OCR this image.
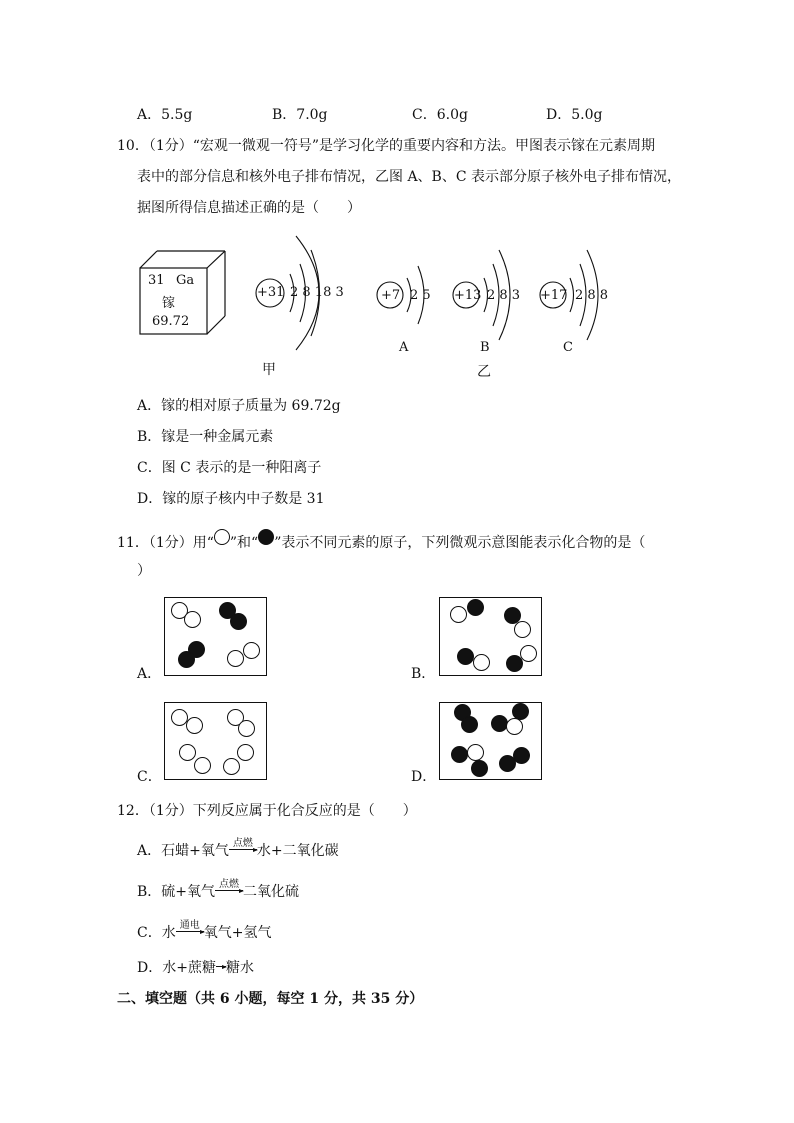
A．5.5g	B．7.0g	C．6.0g	D．5.0g
10．（1分）“宏观一微观一符号”是学习化学的重要内容和方法。甲图表示镓在元素周期
表中的部分信息和核外电子排布情况，乙图 A、B、C 表示部分原子核外电子排布情况，
据图所得信息描述正确的是（　　）
31 Ga
镓
69.72
+31 2 8 18 3
甲
+7 2 5
A
+13 2 8 3
B
+17 2 8 8
C
乙
A．镓的相对原子质量为 69.72g
B．镓是一种金属元素
C．图 C 表示的是一种阳离子
D．镓的原子核内中子数是 31
11．（1分）用“ ”和“ ”表示不同元素的原子，下列微观示意图能表示化合物的是（
）
A．	B．
C．	D．
12．（1分）下列反应属于化合反应的是（　　）
A．石蜡+氧气 点燃 水+二氧化碳
B．硫+氧气 点燃 二氧化硫
C．水 通电 氧气+氢气
D．水+蔗糖 糖水
二、填空题（共 6 小题，每空 1 分，共 35 分）
